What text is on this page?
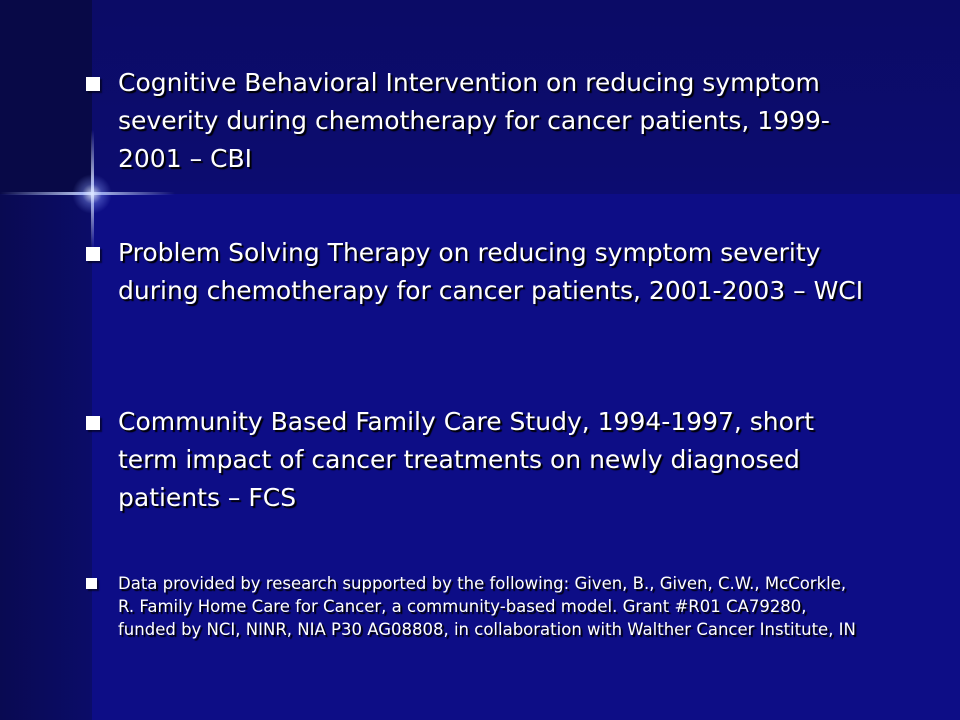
Cognitive Behavioral Intervention on reducing symptom severity during chemotherapy for cancer patients, 1999-2001 – CBI
Problem Solving Therapy on reducing symptom severity during chemotherapy for cancer patients, 2001-2003 – WCI
Community Based Family Care Study, 1994-1997, short term impact of cancer treatments on newly diagnosed patients – FCS
Data provided by research supported by the following: Given, B., Given, C.W., McCorkle, R. Family Home Care for Cancer, a community-based model. Grant #R01 CA79280, funded by NCI, NINR, NIA P30 AG08808, in collaboration with Walther Cancer Institute, IN
